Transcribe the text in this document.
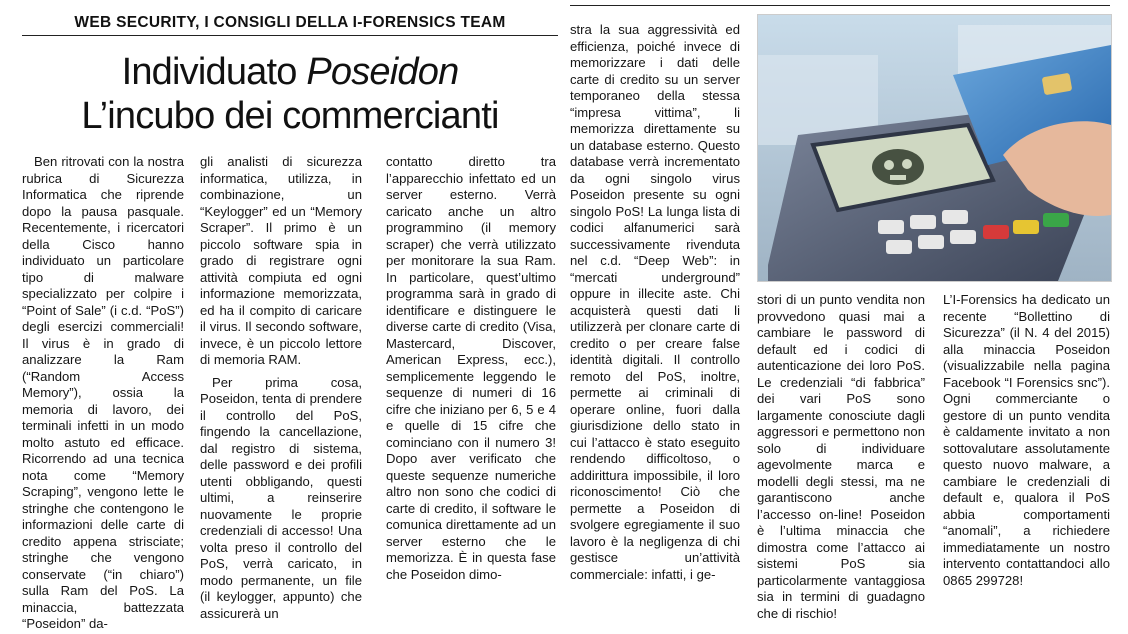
WEB SECURITY, I CONSIGLI DELLA I-FORENSICS TEAM
Individuato Poseidon
L’incubo dei commercianti

Ben ritrovati con la nostra rubrica di Sicurezza Informatica che riprende dopo la pausa pasquale. Recentemente, i ricercatori della Cisco hanno individuato un particolare tipo di malware specializzato per colpire i “Point of Sale” (i c.d. “PoS”) degli esercizi commerciali! Il virus è in grado di analizzare la Ram (“Random Access Memory”), ossia la memoria di lavoro, dei terminali infetti in un modo molto astuto ed efficace. Ricorrendo ad una tecnica nota come “Memory Scraping”, vengono lette le stringhe che contengono le informazioni delle carte di credito appena strisciate; stringhe che vengono conservate (“in chiaro”) sulla Ram del PoS. La minaccia, battezzata “Poseidon” da-

gli analisti di sicurezza informatica, utilizza, in combinazione, un “Keylogger” ed un “Memory Scraper”. Il primo è un piccolo software spia in grado di registrare ogni attività compiuta ed ogni informazione memorizzata, ed ha il compito di caricare il virus. Il secondo software, invece, è un piccolo lettore di memoria RAM.

Per prima cosa, Poseidon, tenta di prendere il controllo del PoS, fingendo la cancellazione, dal registro di sistema, delle password e dei profili utenti obbligando, questi ultimi, a reinserire nuovamente le proprie credenziali di accesso! Una volta preso il controllo del PoS, verrà caricato, in modo permanente, un file (il keylogger, appunto) che assicurerà un

contatto diretto tra l’apparecchio infettato ed un server esterno. Verrà caricato anche un altro programmino (il memory scraper) che verrà utilizzato per monitorare la sua Ram. In particolare, quest’ultimo programma sarà in grado di identificare e distinguere le diverse carte di credito (Visa, Mastercard, Discover, American Express, ecc.), semplicemente leggendo le sequenze di numeri di 16 cifre che iniziano per 6, 5 e 4 e quelle di 15 cifre che cominciano con il numero 3! Dopo aver verificato che queste sequenze numeriche altro non sono che codici di carte di credito, il software le comunica direttamente ad un server esterno che le memorizza. È in questa fase che Poseidon dimo-

stra la sua aggressività ed efficienza, poiché invece di memorizzare i dati delle carte di credito su un server temporaneo della stessa “impresa vittima”, li memorizza direttamente su un database esterno. Questo database verrà incrementato da ogni singolo virus Poseidon presente su ogni singolo PoS! La lunga lista di codici alfanumerici sarà successivamente rivenduta nel c.d. “Deep Web”: in “mercati underground” oppure in illecite aste. Chi acquisterà questi dati li utilizzerà per clonare carte di credito o per creare false identità digitali. Il controllo remoto del PoS, inoltre, permette ai criminali di operare online, fuori dalla giurisdizione dello stato in cui l’attacco è stato eseguito rendendo difficoltoso, o addirittura impossibile, il loro riconoscimento! Ciò che permette a Poseidon di svolgere egregiamente il suo lavoro è la negligenza di chi gestisce un’attività commerciale: infatti, i ge-

stori di un punto vendita non provvedono quasi mai a cambiare le password di default ed i codici di autenticazione dei loro PoS. Le credenziali “di fabbrica” dei vari PoS sono largamente conosciute dagli aggressori e permettono non solo di individuare agevolmente marca e modelli degli stessi, ma ne garantiscono anche l’accesso on-line! Poseidon è l’ultima minaccia che dimostra come l’attacco ai sistemi PoS sia particolarmente vantaggiosa sia in termini di guadagno che di rischio!

L’I-Forensics ha dedicato un recente “Bollettino di Sicurezza” (il N. 4 del 2015) alla minaccia Poseidon (visualizzabile nella pagina Facebook “I Forensics snc”). Ogni commerciante o gestore di un punto vendita è caldamente invitato a non sottovalutare assolutamente questo nuovo malware, a cambiare le credenziali di default e, qualora il PoS abbia comportamenti “anomali”, a richiedere immediatamente un nostro intervento contattandoci allo 0865 299728!
